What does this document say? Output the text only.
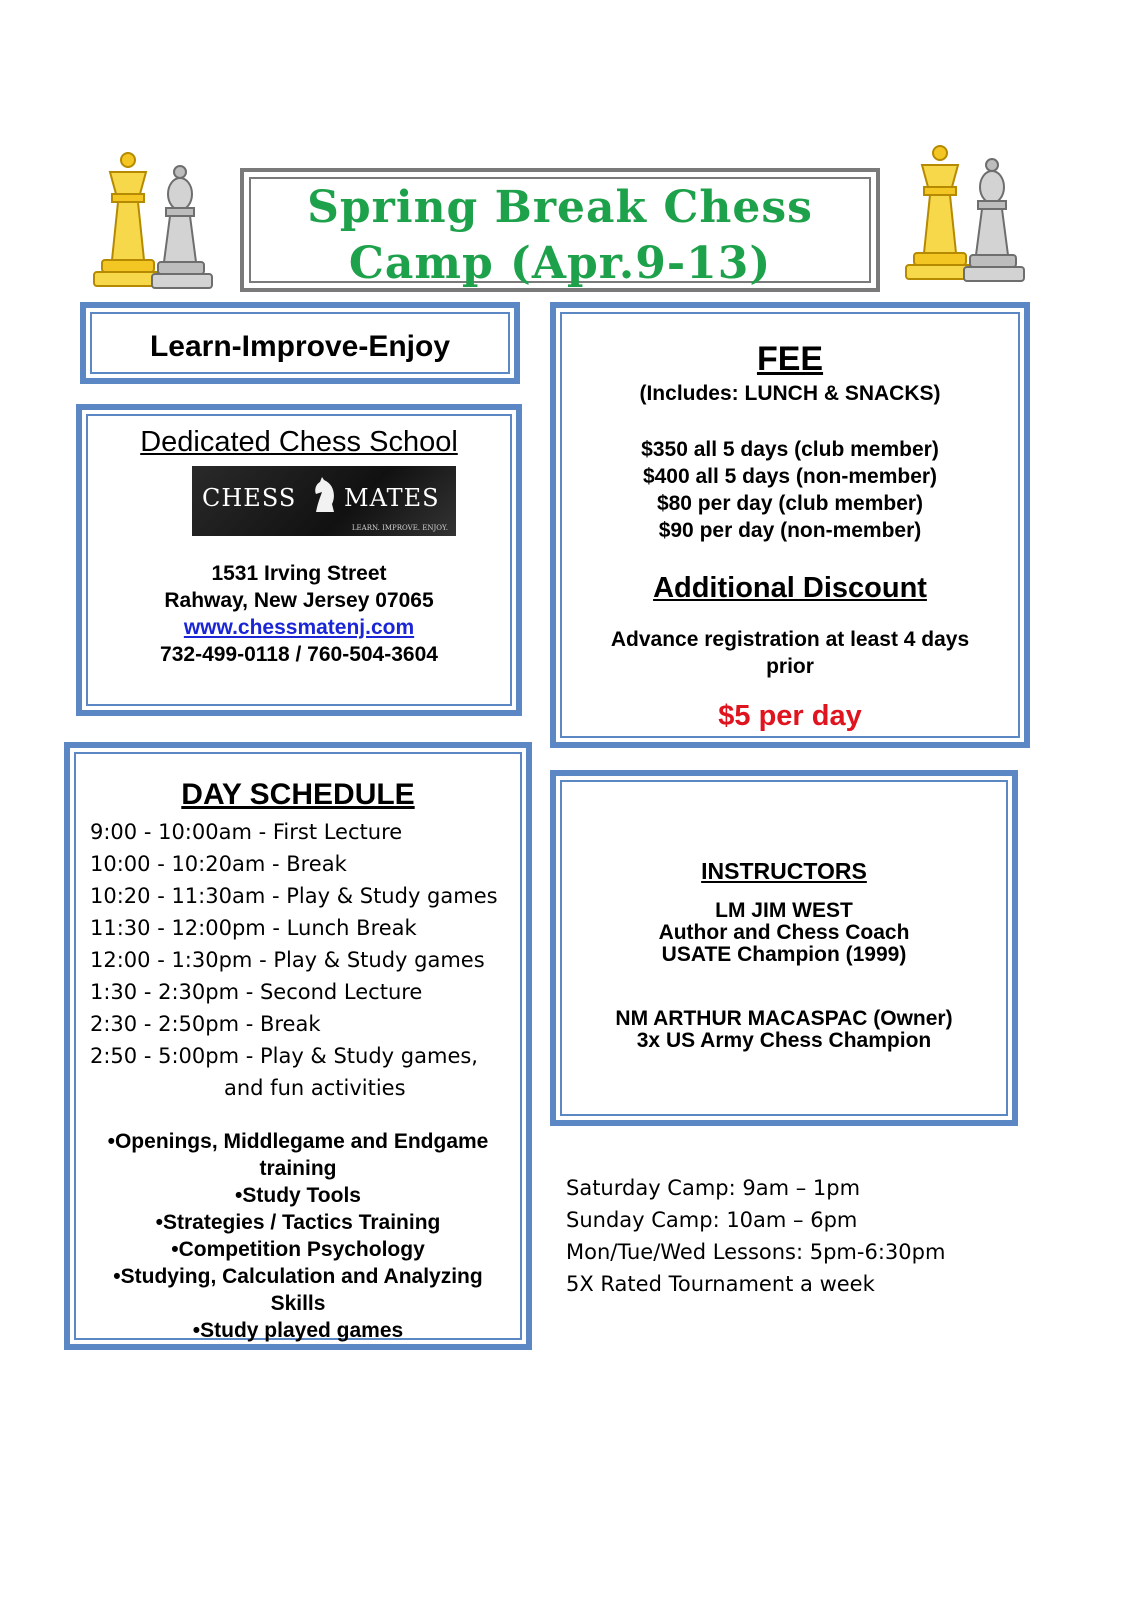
Spring Break Chess
Camp (Apr.9-13)
Learn-Improve-Enjoy
Dedicated Chess School
CHESS MATES
LEARN. IMPROVE. ENJOY.
1531 Irving Street
Rahway, New Jersey 07065
www.chessmatenj.com
732-499-0118 / 760-504-3604
FEE
(Includes: LUNCH & SNACKS)
$350 all 5 days (club member)
$400 all 5 days (non-member)
$80 per day (club member)
$90 per day (non-member)
Additional Discount
Advance registration at least 4 days
prior
$5 per day
DAY SCHEDULE
9:00 - 10:00am - First Lecture
10:00 - 10:20am - Break
10:20 - 11:30am - Play & Study games
11:30 - 12:00pm - Lunch Break
12:00 - 1:30pm - Play & Study games
1:30 - 2:30pm - Second Lecture
2:30 - 2:50pm - Break
2:50 - 5:00pm - Play & Study games,
and fun activities
•Openings, Middlegame and Endgame
training
•Study Tools
•Strategies / Tactics Training
•Competition Psychology
•Studying, Calculation and Analyzing
Skills
•Study played games
INSTRUCTORS
LM JIM WEST
Author and Chess Coach
USATE Champion (1999)
NM ARTHUR MACASPAC (Owner)
3x US Army Chess Champion
Saturday Camp: 9am – 1pm
Sunday Camp: 10am – 6pm
Mon/Tue/Wed Lessons: 5pm-6:30pm
5X Rated Tournament a week
